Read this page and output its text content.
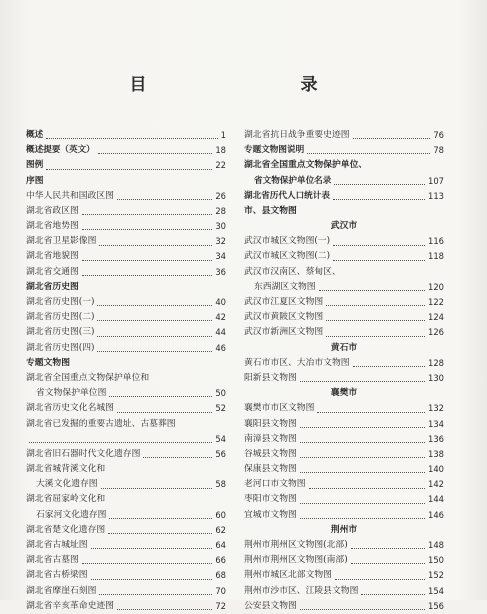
目　　录
概述	1
概述提要（英文）	18
图例	22
序图
中华人民共和国政区图	26
湖北省政区图	28
湖北省地势图	30
湖北省卫星影像图	32
湖北省地貌图	34
湖北省交通图	36
湖北省历史图
湖北省历史图(一)	40
湖北省历史图(二)	42
湖北省历史图(三)	44
湖北省历史图(四)	46
专题文物图
湖北省全国重点文物保护单位和
省文物保护单位图	50
湖北省历史文化名城图	52
湖北省已发掘的重要古遗址、古墓葬图
54
湖北省旧石器时代文化遗存图	56
湖北省城背溪文化和
大溪文化遗存图	58
湖北省屈家岭文化和
石家河文化遗存图	60
湖北省楚文化遗存图	62
湖北省古城址图	64
湖北省古墓图	66
湖北省古桥梁图	68
湖北省摩崖石刻图	70
湖北省辛亥革命史迹图	72
湖北省抗日战争重要史迹图	76
专题文物图说明	78
湖北省全国重点文物保护单位、
省文物保护单位名录	107
湖北省历代人口统计表	113
市、县文物图
武汉市
武汉市城区文物图(一)	116
武汉市城区文物图(二)	118
武汉市汉南区、蔡甸区、
东西湖区文物图	120
武汉市江夏区文物图	122
武汉市黄陂区文物图	124
武汉市新洲区文物图	126
黄石市
黄石市市区、大冶市文物图	128
阳新县文物图	130
襄樊市
襄樊市市区文物图	132
襄阳县文物图	134
南漳县文物图	136
谷城县文物图	138
保康县文物图	140
老河口市文物图	142
枣阳市文物图	144
宜城市文物图	146
荆州市
荆州市荆州区文物图(北部)	148
荆州市荆州区文物图(南部)	150
荆州市城区北部文物图	152
荆州市沙市区、江陵县文物图	154
公安县文物图	156
